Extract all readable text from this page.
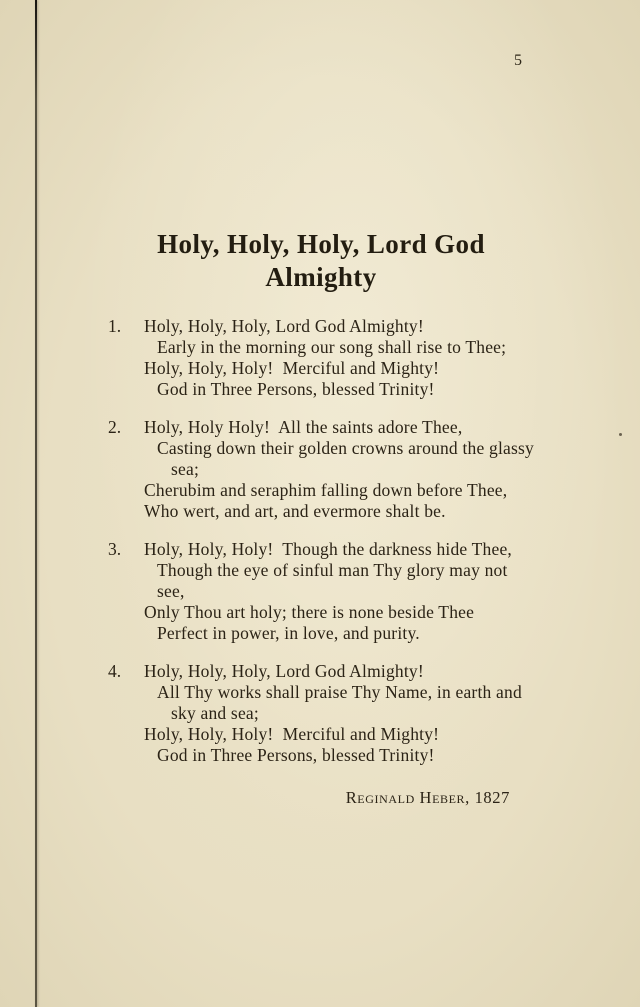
5
Holy, Holy, Holy, Lord God
Almighty
1.	Holy, Holy, Holy, Lord God Almighty!
Early in the morning our song shall rise to Thee;
Holy, Holy, Holy!  Merciful and Mighty!
God in Three Persons, blessed Trinity!
2.	Holy, Holy Holy!  All the saints adore Thee,
Casting down their golden crowns around the glassy
sea;
Cherubim and seraphim falling down before Thee,
Who wert, and art, and evermore shalt be.
3.	Holy, Holy, Holy!  Though the darkness hide Thee,
Though the eye of sinful man Thy glory may not see,
Only Thou art holy; there is none beside Thee
Perfect in power, in love, and purity.
4.	Holy, Holy, Holy, Lord God Almighty!
All Thy works shall praise Thy Name, in earth and
sky and sea;
Holy, Holy, Holy!  Merciful and Mighty!
God in Three Persons, blessed Trinity!
Reginald Heber, 1827
